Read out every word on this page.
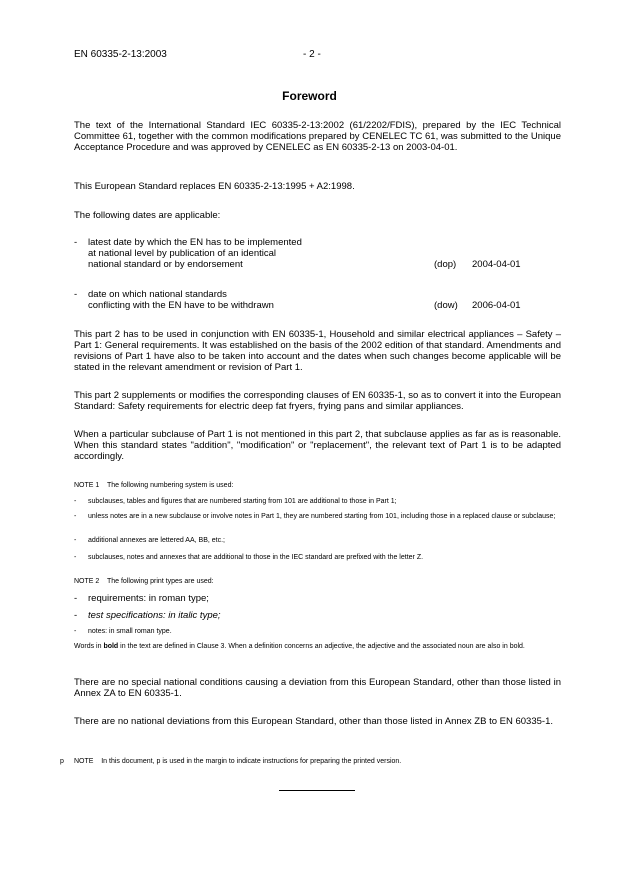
EN 60335-2-13:2003	- 2 -
Foreword

The text of the International Standard IEC 60335-2-13:2002 (61/2202/FDIS), prepared by the IEC Technical Committee 61, together with the common modifications prepared by CENELEC TC 61, was submitted to the Unique Acceptance Procedure and was approved by CENELEC as EN 60335-2-13 on 2003-04-01.

This European Standard replaces EN 60335-2-13:1995 + A2:1998.

The following dates are applicable:

- latest date by which the EN has to be implemented
at national level by publication of an identical
national standard or by endorsement	(dop) 2004-04-01
- date on which national standards
conflicting with the EN have to be withdrawn	(dow) 2006-04-01

This part 2 has to be used in conjunction with EN 60335-1, Household and similar electrical appliances – Safety – Part 1: General requirements. It was established on the basis of the 2002 edition of that standard. Amendments and revisions of Part 1 have also to be taken into account and the dates when such changes become applicable will be stated in the relevant amendment or revision of Part 1.

This part 2 supplements or modifies the corresponding clauses of EN 60335-1, so as to convert it into the European Standard: Safety requirements for electric deep fat fryers, frying pans and similar appliances.

When a particular subclause of Part 1 is not mentioned in this part 2, that subclause applies as far as is reasonable. When this standard states "addition", "modification" or "replacement", the relevant text of Part 1 is to be adapted accordingly.

NOTE 1 The following numbering system is used:

- subclauses, tables and figures that are numbered starting from 101 are additional to those in Part 1;
- unless notes are in a new subclause or involve notes in Part 1, they are numbered starting from 101, including those in a replaced clause or subclause;
- additional annexes are lettered AA, BB, etc.;
- subclauses, notes and annexes that are additional to those in the IEC standard are prefixed with the letter Z.

NOTE 2 The following print types are used:

- requirements: in roman type;
- test specifications: in italic type;
- notes: in small roman type.
Words in bold in the text are defined in Clause 3. When a definition concerns an adjective, the adjective and the associated noun are also in bold.

There are no special national conditions causing a deviation from this European Standard, other than those listed in Annex ZA to EN 60335-1.

There are no national deviations from this European Standard, other than those listed in Annex ZB to EN 60335-1.

p NOTE In this document, p is used in the margin to indicate instructions for preparing the printed version.
